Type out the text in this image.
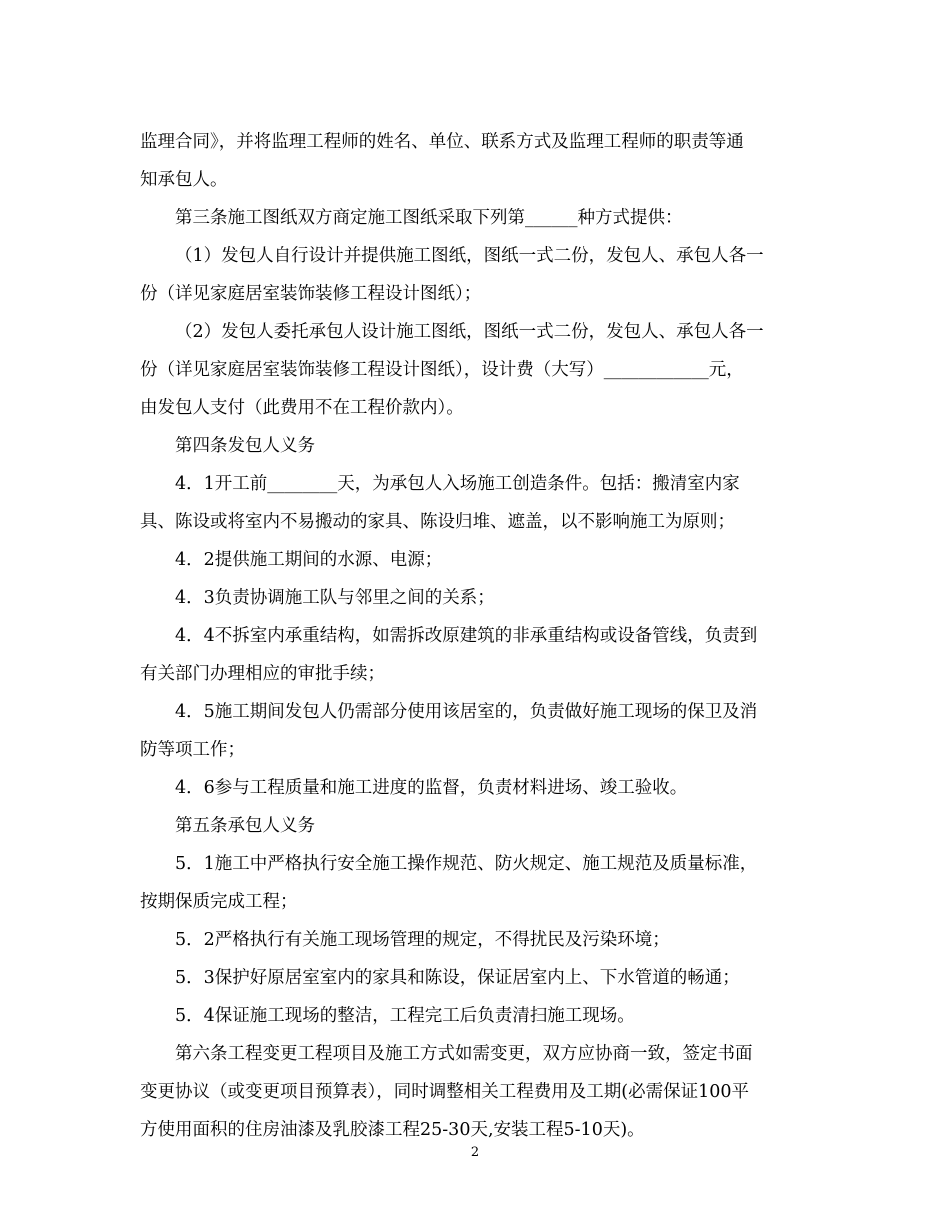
监理合同》，并将监理工程师的姓名、单位、联系方式及监理工程师的职责等通
知承包人。
第三条施工图纸双方商定施工图纸采取下列第______种方式提供：
（1）发包人自行设计并提供施工图纸，图纸一式二份，发包人、承包人各一
份（详见家庭居室装饰装修工程设计图纸）；
（2）发包人委托承包人设计施工图纸，图纸一式二份，发包人、承包人各一
份（详见家庭居室装饰装修工程设计图纸），设计费（大写）____________元，
由发包人支付（此费用不在工程价款内）。
第四条发包人义务
4．1开工前________天，为承包人入场施工创造条件。包括：搬清室内家
具、陈设或将室内不易搬动的家具、陈设归堆、遮盖，以不影响施工为原则；
4．2提供施工期间的水源、电源；
4．3负责协调施工队与邻里之间的关系；
4．4不拆室内承重结构，如需拆改原建筑的非承重结构或设备管线，负责到
有关部门办理相应的审批手续；
4．5施工期间发包人仍需部分使用该居室的，负责做好施工现场的保卫及消
防等项工作；
4．6参与工程质量和施工进度的监督，负责材料进场、竣工验收。
第五条承包人义务
5．1施工中严格执行安全施工操作规范、防火规定、施工规范及质量标准，
按期保质完成工程；
5．2严格执行有关施工现场管理的规定，不得扰民及污染环境；
5．3保护好原居室室内的家具和陈设，保证居室内上、下水管道的畅通；
5．4保证施工现场的整洁，工程完工后负责清扫施工现场。
第六条工程变更工程项目及施工方式如需变更，双方应协商一致，签定书面
变更协议（或变更项目预算表），同时调整相关工程费用及工期(必需保证100平
方使用面积的住房油漆及乳胶漆工程25-30天,安装工程5-10天)。
2
